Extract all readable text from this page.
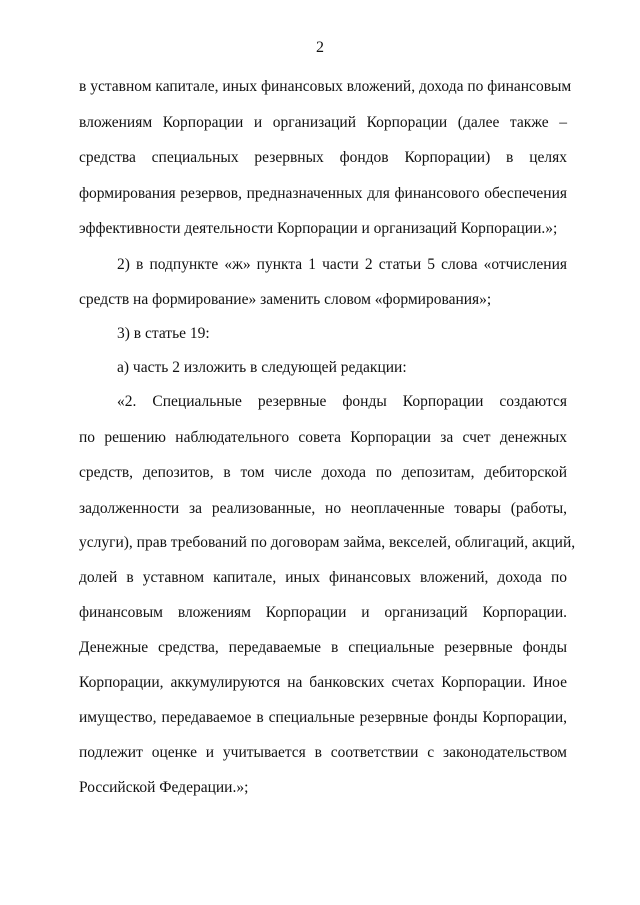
2
в уставном капитале, иных финансовых вложений, дохода по финансовым
вложениям Корпорации и организаций Корпорации (далее также –
средства специальных резервных фондов Корпорации) в целях
формирования резервов, предназначенных для финансового обеспечения
эффективности деятельности Корпорации и организаций Корпорации.»;
2) в подпункте «ж» пункта 1 части 2 статьи 5 слова «отчисления
средств на формирование» заменить словом «формирования»;
3) в статье 19:
а) часть 2 изложить в следующей редакции:
«2. Специальные резервные фонды Корпорации создаются
по решению наблюдательного совета Корпорации за счет денежных
средств, депозитов, в том числе дохода по депозитам, дебиторской
задолженности за реализованные, но неоплаченные товары (работы,
услуги), прав требований по договорам займа, векселей, облигаций, акций,
долей в уставном капитале, иных финансовых вложений, дохода по
финансовым вложениям Корпорации и организаций Корпорации.
Денежные средства, передаваемые в специальные резервные фонды
Корпорации, аккумулируются на банковских счетах Корпорации. Иное
имущество, передаваемое в специальные резервные фонды Корпорации,
подлежит оценке и учитывается в соответствии с законодательством
Российской Федерации.»;
